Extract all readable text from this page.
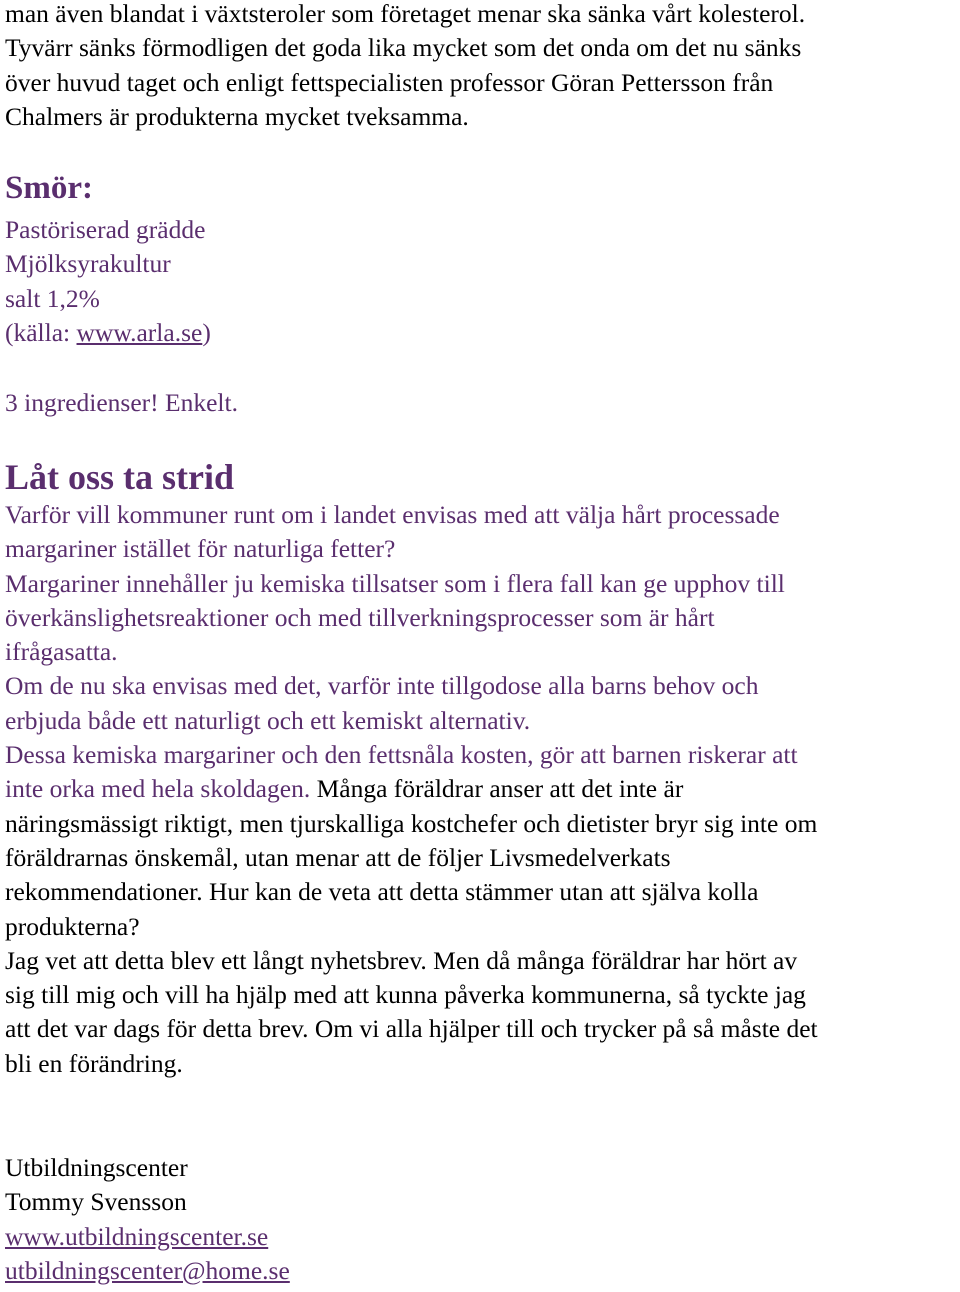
man även blandat i växtsteroler som företaget menar ska sänka vårt kolesterol.
Tyvärr sänks förmodligen det goda lika mycket som det onda om det nu sänks
över huvud taget och enligt fettspecialisten professor Göran Pettersson från
Chalmers är produkterna mycket tveksamma.
Smör:
Pastöriserad grädde
Mjölksyrakultur
salt 1,2%
(källa: www.arla.se)

3 ingredienser! Enkelt.

Låt oss ta strid
Varför vill kommuner runt om i landet envisas med att välja hårt processade
margariner istället för naturliga fetter?
Margariner innehåller ju kemiska tillsatser som i flera fall kan ge upphov till
överkänslighetsreaktioner och med tillverkningsprocesser som är hårt
ifrågasatta.
Om de nu ska envisas med det, varför inte tillgodose alla barns behov och
erbjuda både ett naturligt och ett kemiskt alternativ.
Dessa kemiska margariner och den fettsnåla kosten, gör att barnen riskerar att
inte orka med hela skoldagen. Många föräldrar anser att det inte är
näringsmässigt riktigt, men tjurskalliga kostchefer och dietister bryr sig inte om
föräldrarnas önskemål, utan menar att de följer Livsmedelverkats
rekommendationer. Hur kan de veta att detta stämmer utan att själva kolla
produkterna?
Jag vet att detta blev ett långt nyhetsbrev. Men då många föräldrar har hört av
sig till mig och vill ha hjälp med att kunna påverka kommunerna, så tyckte jag
att det var dags för detta brev. Om vi alla hjälper till och trycker på så måste det
bli en förändring.
Utbildningscenter
Tommy Svensson
www.utbildningscenter.se
utbildningscenter@home.se
